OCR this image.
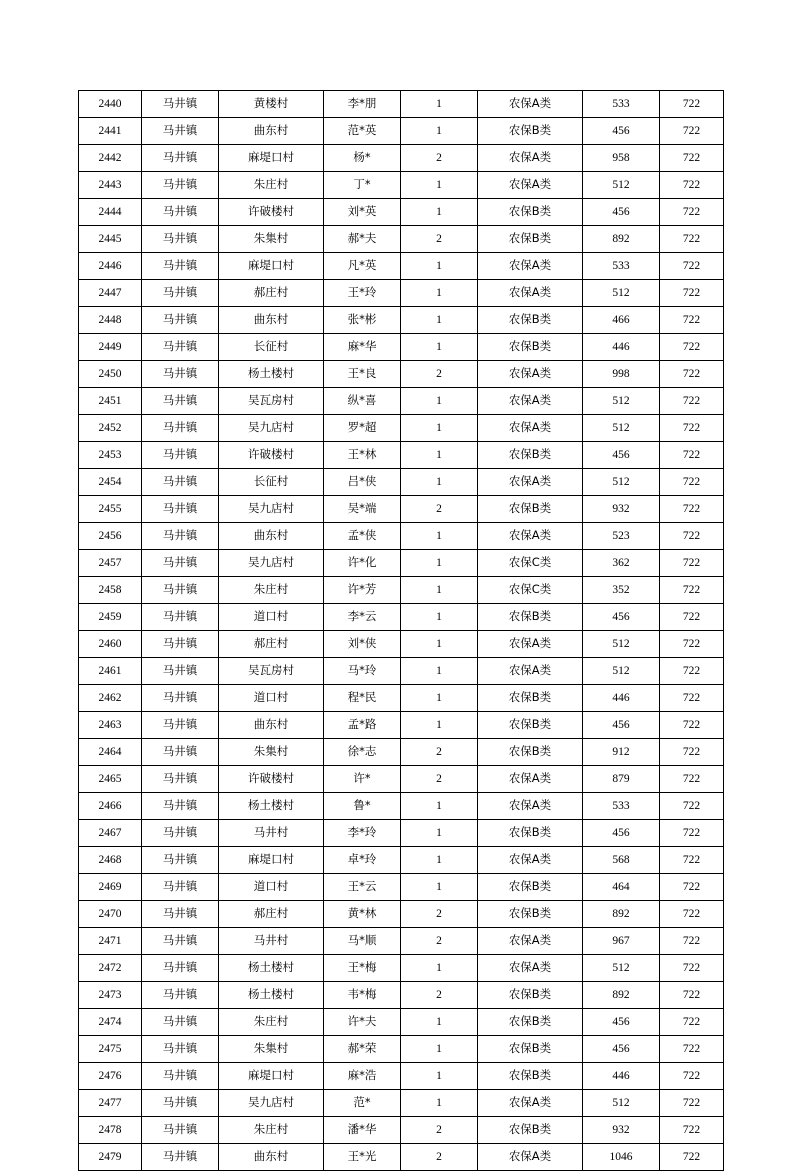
2440	马井镇	黄楼村	李*朋	1	农保A类	533	722
2441	马井镇	曲东村	范*英	1	农保B类	456	722
2442	马井镇	麻堤口村	杨*	2	农保A类	958	722
2443	马井镇	朱庄村	丁*	1	农保A类	512	722
2444	马井镇	许破楼村	刘*英	1	农保B类	456	722
2445	马井镇	朱集村	郝*夫	2	农保B类	892	722
2446	马井镇	麻堤口村	凡*英	1	农保A类	533	722
2447	马井镇	郝庄村	王*玲	1	农保A类	512	722
2448	马井镇	曲东村	张*彬	1	农保B类	466	722
2449	马井镇	长征村	麻*华	1	农保B类	446	722
2450	马井镇	杨土楼村	王*良	2	农保A类	998	722
2451	马井镇	吴瓦房村	纵*喜	1	农保A类	512	722
2452	马井镇	吴九店村	罗*超	1	农保A类	512	722
2453	马井镇	许破楼村	王*林	1	农保B类	456	722
2454	马井镇	长征村	吕*侠	1	农保A类	512	722
2455	马井镇	吴九店村	吴*端	2	农保B类	932	722
2456	马井镇	曲东村	孟*侠	1	农保A类	523	722
2457	马井镇	吴九店村	许*化	1	农保C类	362	722
2458	马井镇	朱庄村	许*芳	1	农保C类	352	722
2459	马井镇	道口村	李*云	1	农保B类	456	722
2460	马井镇	郝庄村	刘*侠	1	农保A类	512	722
2461	马井镇	吴瓦房村	马*玲	1	农保A类	512	722
2462	马井镇	道口村	程*民	1	农保B类	446	722
2463	马井镇	曲东村	孟*路	1	农保B类	456	722
2464	马井镇	朱集村	徐*志	2	农保B类	912	722
2465	马井镇	许破楼村	许*	2	农保A类	879	722
2466	马井镇	杨土楼村	鲁*	1	农保A类	533	722
2467	马井镇	马井村	李*玲	1	农保B类	456	722
2468	马井镇	麻堤口村	卓*玲	1	农保A类	568	722
2469	马井镇	道口村	王*云	1	农保B类	464	722
2470	马井镇	郝庄村	黄*林	2	农保B类	892	722
2471	马井镇	马井村	马*顺	2	农保A类	967	722
2472	马井镇	杨土楼村	王*梅	1	农保A类	512	722
2473	马井镇	杨土楼村	韦*梅	2	农保B类	892	722
2474	马井镇	朱庄村	许*夫	1	农保B类	456	722
2475	马井镇	朱集村	郝*荣	1	农保B类	456	722
2476	马井镇	麻堤口村	麻*浩	1	农保B类	446	722
2477	马井镇	吴九店村	范*	1	农保A类	512	722
2478	马井镇	朱庄村	潘*华	2	农保B类	932	722
2479	马井镇	曲东村	王*光	2	农保A类	1046	722
